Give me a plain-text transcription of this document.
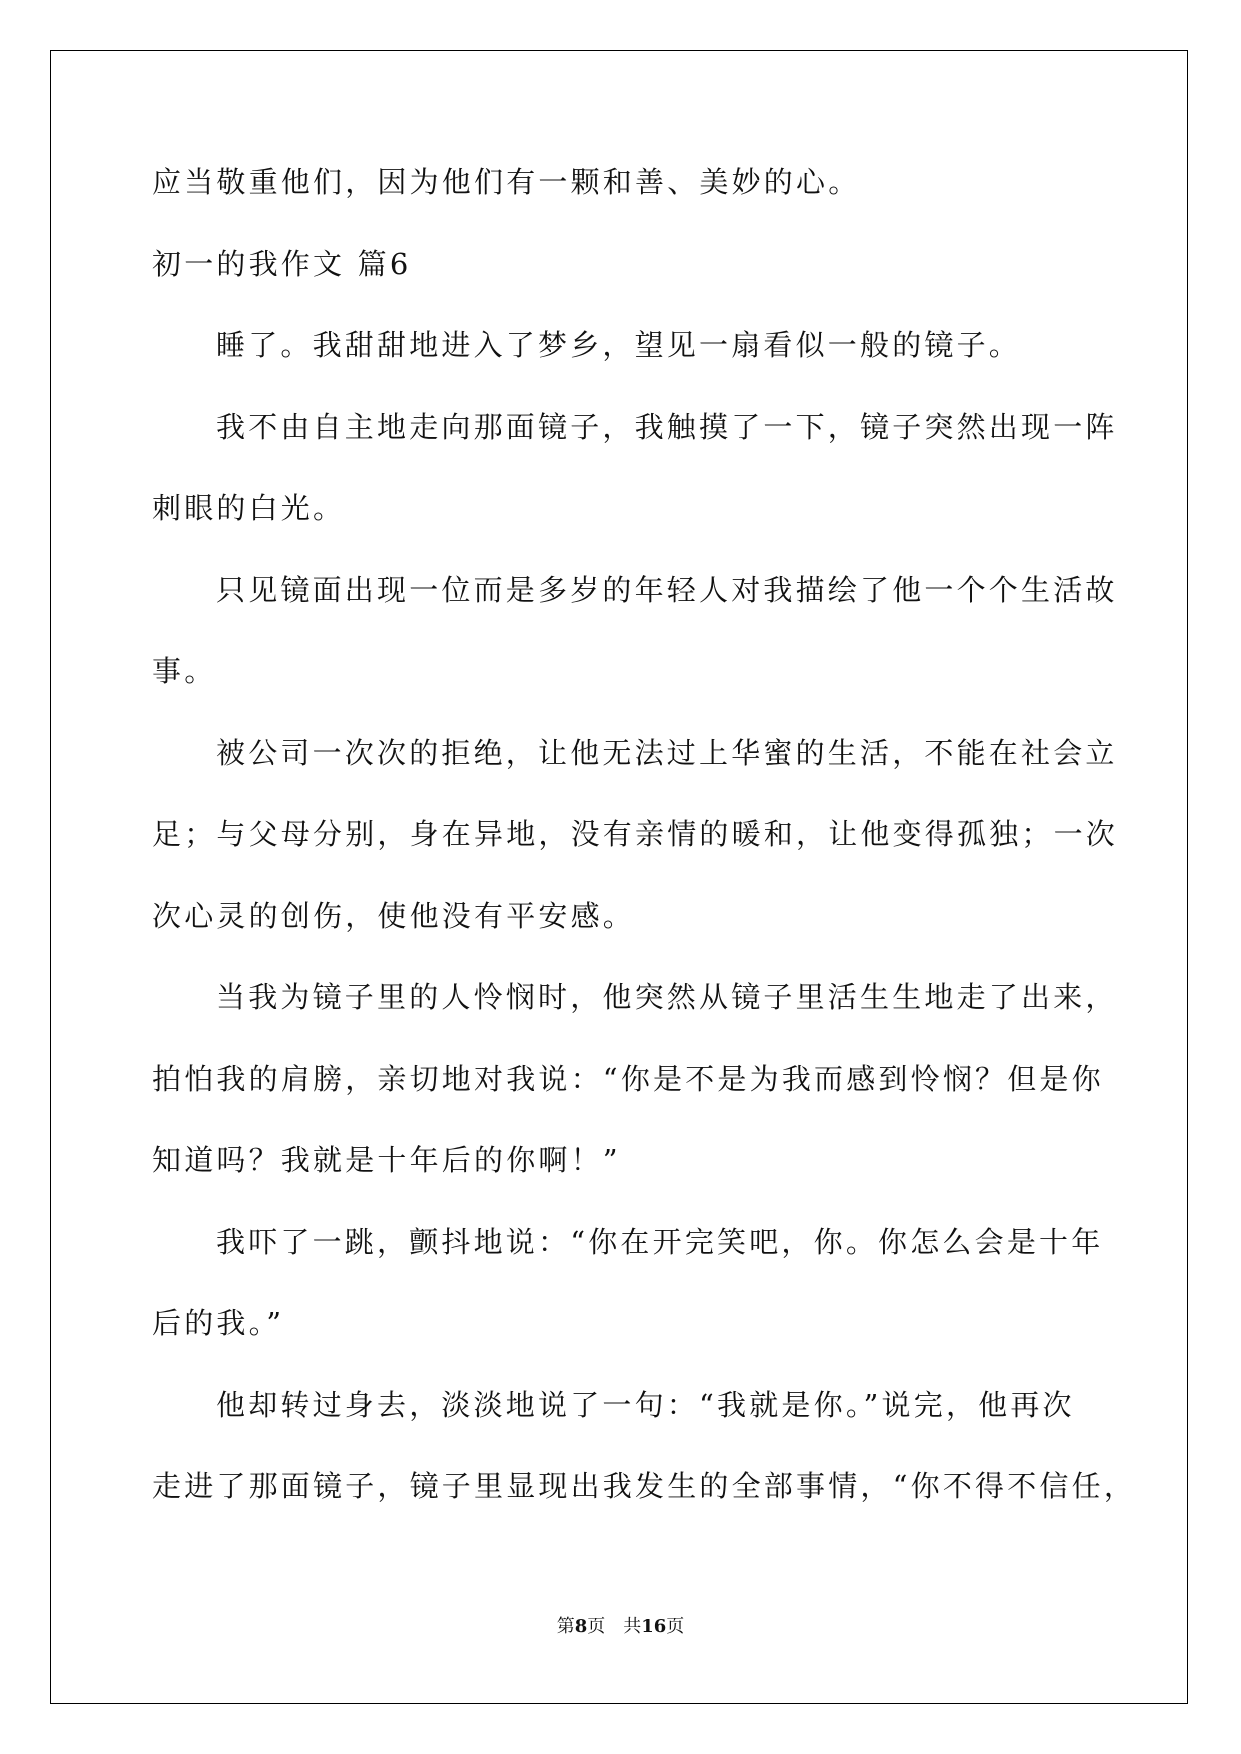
应当敬重他们，因为他们有一颗和善、美妙的心。
初一的我作文 篇6
睡了。我甜甜地进入了梦乡，望见一扇看似一般的镜子。
我不由自主地走向那面镜子，我触摸了一下，镜子突然出现一阵
刺眼的白光。
只见镜面出现一位而是多岁的年轻人对我描绘了他一个个生活故
事。
被公司一次次的拒绝，让他无法过上华蜜的生活，不能在社会立
足；与父母分别，身在异地，没有亲情的暖和，让他变得孤独；一次
次心灵的创伤，使他没有平安感。
当我为镜子里的人怜悯时，他突然从镜子里活生生地走了出来，
拍怕我的肩膀，亲切地对我说：“你是不是为我而感到怜悯？但是你
知道吗？我就是十年后的你啊！”
我吓了一跳，颤抖地说：“你在开完笑吧，你。你怎么会是十年
后的我。”
他却转过身去，淡淡地说了一句：“我就是你。”说完，他再次
走进了那面镜子，镜子里显现出我发生的全部事情，“你不得不信任，
第8页 共16页
